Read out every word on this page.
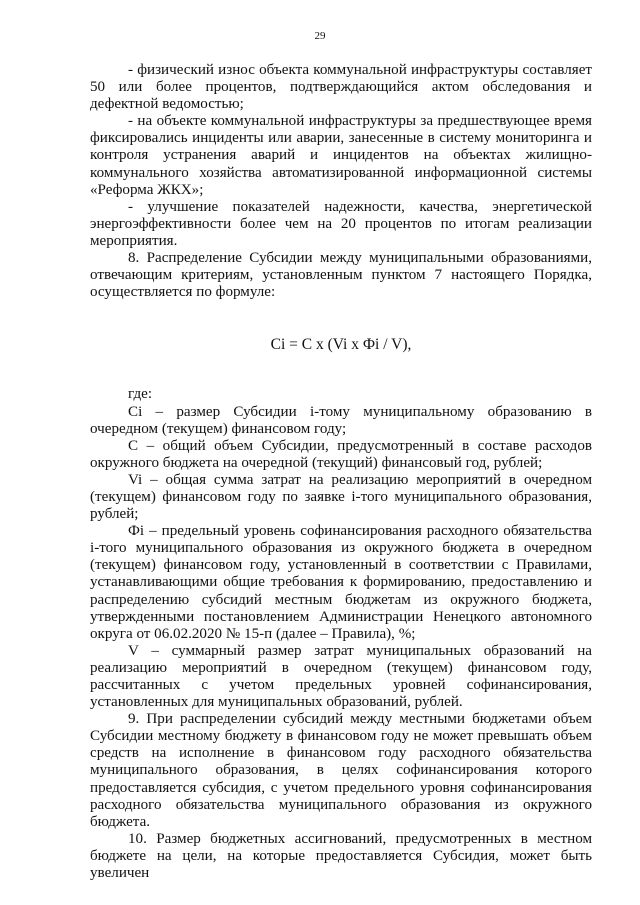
29

- физический износ объекта коммунальной инфраструктуры составляет 50 или более процентов, подтверждающийся актом обследования и дефектной ведомостью;

- на объекте коммунальной инфраструктуры за предшествующее время фиксировались инциденты или аварии, занесенные в систему мониторинга и контроля устранения аварий и инцидентов на объектах жилищно-коммунального хозяйства автоматизированной информационной системы «Реформа ЖКХ»;

- улучшение показателей надежности, качества, энергетической энергоэффективности более чем на 20 процентов по итогам реализации мероприятия.

8. Распределение Субсидии между муниципальными образованиями, отвечающим критериям, установленным пунктом 7 настоящего Порядка, осуществляется по формуле:

Ci = C x (Vi x Фi / V),

где:

Ci – размер Субсидии i-тому муниципальному образованию в очередном (текущем) финансовом году;

С – общий объем Субсидии, предусмотренный в составе расходов окружного бюджета на очередной (текущий) финансовый год, рублей;

Vi – общая сумма затрат на реализацию мероприятий в очередном (текущем) финансовом году по заявке i-того муниципального образования, рублей;

Фi – предельный уровень софинансирования расходного обязательства i-того муниципального образования из окружного бюджета в очередном (текущем) финансовом году, установленный в соответствии с Правилами, устанавливающими общие требования к формированию, предоставлению и распределению субсидий местным бюджетам из окружного бюджета, утвержденными постановлением Администрации Ненецкого автономного округа от 06.02.2020 № 15-п (далее – Правила), %;

V – суммарный размер затрат муниципальных образований на реализацию мероприятий в очередном (текущем) финансовом году, рассчитанных с учетом предельных уровней софинансирования, установленных для муниципальных образований, рублей.

9. При распределении субсидий между местными бюджетами объем Субсидии местному бюджету в финансовом году не может превышать объем средств на исполнение в финансовом году расходного обязательства муниципального образования, в целях софинансирования которого предоставляется субсидия, с учетом предельного уровня софинансирования расходного обязательства муниципального образования из окружного бюджета.

10. Размер бюджетных ассигнований, предусмотренных в местном бюджете на цели, на которые предоставляется Субсидия, может быть увеличен
